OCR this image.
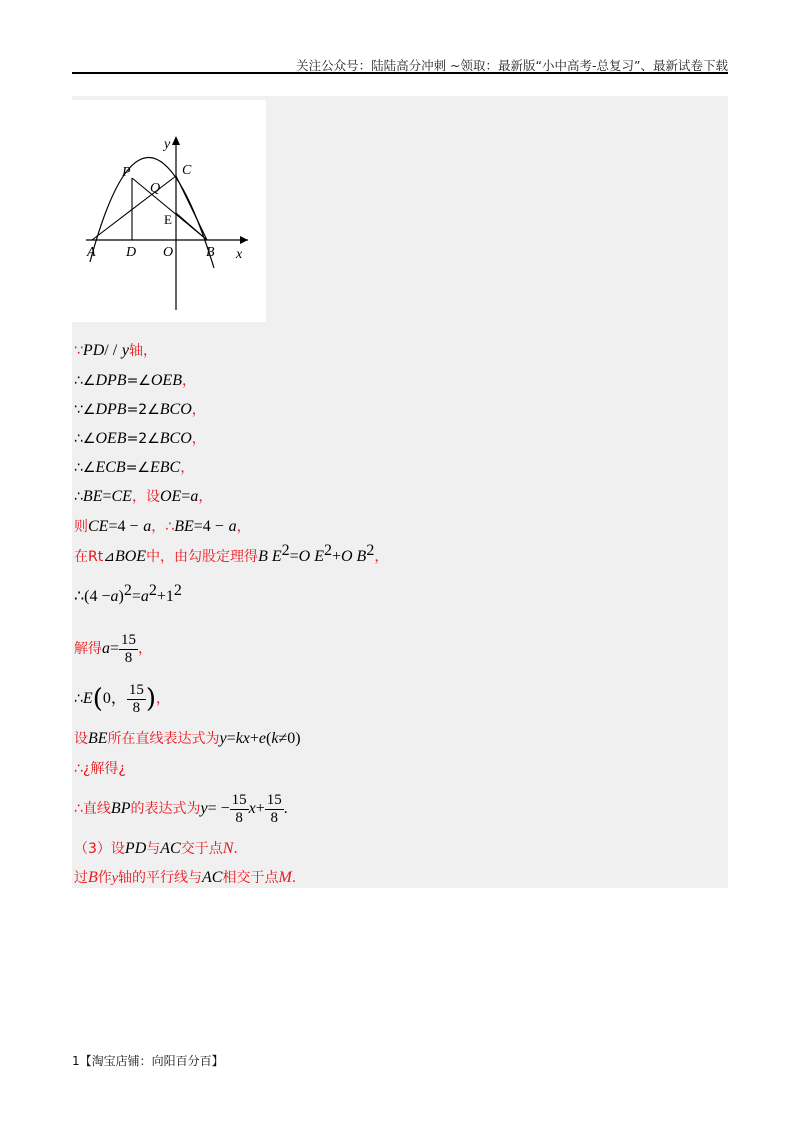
关注公众号：陆陆高分冲刺 ~领取：最新版“小中高考-总复习”、最新试卷下载
y
x
P	C
Q
E
A D O B
∵PD/ / y轴，
∴∠DPB=∠OEB，
∵∠DPB=2∠BCO，
∴∠OEB=2∠BCO，
∴∠ECB=∠EBC，
∴BE=CE，设OE=a，
则CE=4 − a，∴BE=4 − a，
在Rt⊿BOE中，由勾股定理得B $E^2=O$ $E^2+O$ $B^2$，
∴(4 $-a)^2=a^2+1^2$
解得$a= \frac{15}{8}$ ，
∴E(0， $\frac{15}{8}$ )，
设BE所在直线表达式为y=kx+e(k≠0)
∴¿解得¿
∴直线BP的表达式为$y= - \frac{15}{8} x+ \frac{15}{8}$ .
（3）设PD与AC交于点N.
过B作y轴的平行线与AC相交于点M.
1【淘宝店铺：向阳百分百】
